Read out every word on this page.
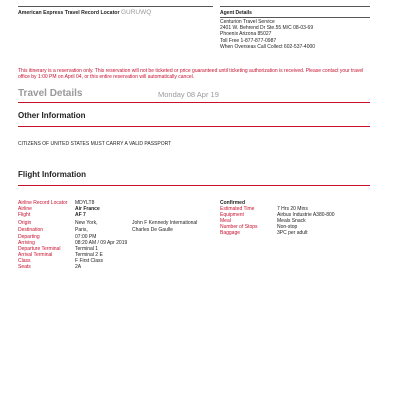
American Express Travel Record Locator GURUWQ	Agent Details
Centurion Travel Service
2401 W. Behrend Dr Ste.55 M/C 08-03-69
Phoenix Arizona 85027
Toll Free 1-877-877-0987
When Overseas Call Collect 602-537-4000
This itinerary is a reservation only. This reservation will not be ticketed or price guaranteed until ticketing authorization is received. Please contact your travel office by 1:00 PM on April 04, or this entire reservation will automatically cancel.
Travel Details	Monday 08 Apr 19
Other Information
CITIZENS OF UNITED STATES MUST CARRY A VALID PASSPORT
Flight Information
Airline Record Locator MDYLT8
Airline	Air France
Flight	AF 7
Origin	New York,	John F Kennedy International
Destination	Paris,	Charles De Gaulle
Departing	07:00 PM
Arriving	08:20 AM / 09 Apr 2019
Departure Terminal	Terminal 1
Arrival Terminal	Terminal 2 E
Class	F First Class
Seats	2A
Confirmed
Estimated Time	7 Hrs 20 Mins
Equipment	Airbus Industrie A380-800
Meal	Meals Snack
Number of Stops	Non-stop
Baggage	3PC per adult
